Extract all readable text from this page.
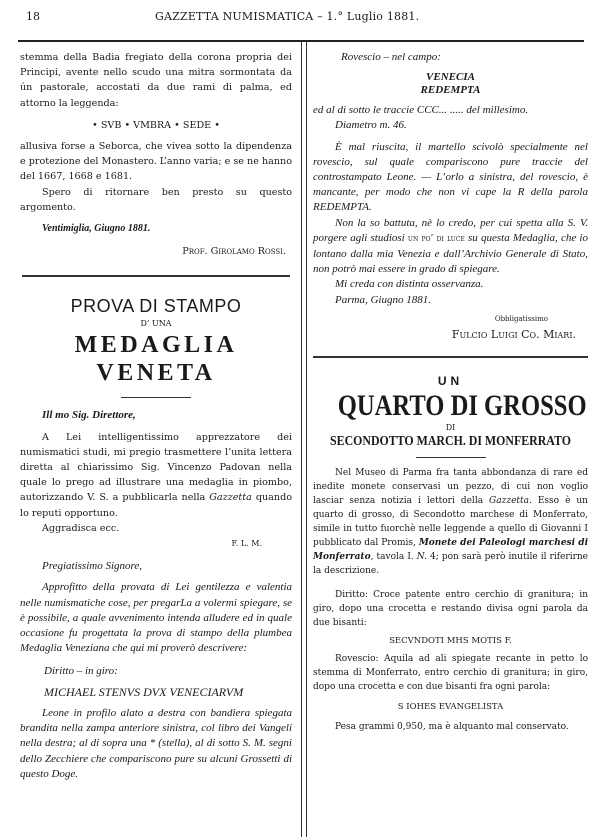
18	GAZZETTA NUMISMATICA – 1.° Luglio 1881.

stemma della Badia fregiato della corona propria dei Principi, avente nello scudo una mitra sormontata da ún pastorale, accostati da due rami di palma, ed attorno la leggenda:

• SVB • VMBRA • SEDE •

allusiva forse a Seborca, che vivea sotto la dipendenza e protezione del Monastero. L’anno varia; e se ne hanno del 1667, 1668 e 1681.

Spero di ritornare ben presto su questo argomento.

Ventimiglia, Giugno 1881.

Prof. Girolamo Rossi.

PROVA DI STAMPO

D’ UNA

MEDAGLIA VENETA

Ill mo Sig. Direttore,

A Lei intelligentissimo apprezzatore dei numismatici studi, mi pregio trasmettere l’unita lettera diretta al chiarissimo Sig. Vincenzo Padovan nella quale lo prego ad illustrare una medaglia in piombo, autorizzando V. S. a pubblicarla nella Gazzetta quando lo reputi opportuno.

Aggradisca ecc.

F. L. M.

Pregiatissimo Signore,

Approfitto della provata di Lei gentilezza e valentia nelle numismatiche cose, per pregarLa a volermi spiegare, se è possibile, a quale avvenimento intenda alludere ed in quale occasione fu progettata la prova di stampo della plumbea Medaglia Veneziana che qui mi proverò descrivere:

Diritto – in giro:

MICHAEL STENVS DVX VENECIARVM

Leone in profilo alato a destra con bandiera spiegata brandita nella zampa anteriore sinistra, col libro dei Vangeli nella destra; al di sopra una * (stella), al di sotto S. M. segni dello Zecchiere che compariscono pure su alcuni Grossetti di questo Doge.

Rovescio – nel campo:

VENECIA

REDEMPTA

ed al di sotto le traccie CCC... ..... del millesimo.

Diametro m. 46.

È mal riuscita, il martello scivolò specialmente nel rovescio, sul quale compariscono pure traccie del controstampato Leone. — L’orlo a sinistra, del rovescio, è mancante, per modo che non vi cape la R della parola REDEMPTA.

Non la so battuta, nè lo credo, per cui spetta alla S. V. porgere agli studiosi un po’ di luce su questa Medaglia, che io lontano dalla mia Venezia e dall’Archivio Generale di Stato, non potrò mai essere in grado di spiegare.

Mi creda con distinta osservanza.

Parma, Giugno 1881.

Obbligatissimo

Fulcio Luigi Co. Miari.

UN

QUARTO DI GROSSO

DI

SECONDOTTO MARCH. DI MONFERRATO

Nel Museo di Parma fra tanta abbondanza di rare ed inedite monete conservasi un pezzo, di cui non voglio lasciar senza notizia i lettori della Gazzetta. Esso è un quarto di grosso, di Secondotto marchese di Monferrato, simile in tutto fuorchè nelle leggende a quello di Giovanni I pubblicato dal Promis, Monete dei Paleologi marchesi di Monferrato, tavola I. N. 4; pon sarà però inutile il riferirne la descrizione.

Diritto: Croce patente entro cerchio di granitura; in giro, dopo una crocetta e restando divisa ogni parola da due bisanti:

SECVNDOTI MHS MOTIS F.

Rovescio: Aquila ad ali spiegate recante in petto lo stemma di Monferrato, entro cerchio di granitura; in giro, dopo una crocetta e con due bisanti fra ogni parola:

S IOHES EVANGELISTA

Pesa grammi 0,950, ma è alquanto mal conservato.
